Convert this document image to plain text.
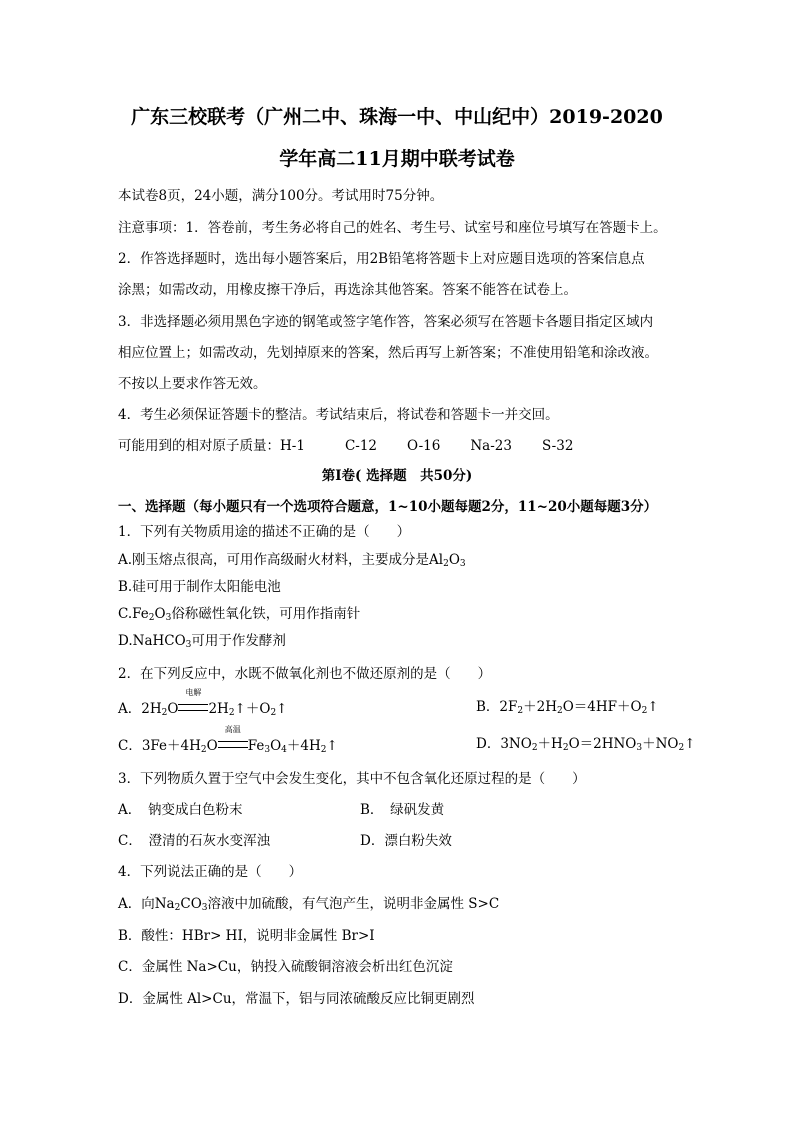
广东三校联考（广州二中、珠海一中、中山纪中）2019-2020
学年高二11月期中联考试卷
本试卷8页，24小题，满分100分。考试用时75分钟。
注意事项：1．答卷前，考生务必将自己的姓名、考生号、试室号和座位号填写在答题卡上。
2．作答选择题时，选出每小题答案后，用2B铅笔将答题卡上对应题目选项的答案信息点
涂黑；如需改动，用橡皮擦干净后，再选涂其他答案。答案不能答在试卷上。
3．非选择题必须用黑色字迹的钢笔或签字笔作答，答案必须写在答题卡各题目指定区域内
相应位置上；如需改动，先划掉原来的答案，然后再写上新答案；不准使用铅笔和涂改液。
不按以上要求作答无效。
4．考生必须保证答题卡的整洁。考试结束后，将试卷和答题卡一并交回。
可能用到的相对原子质量：H-1	C-12 O-16 Na-23 S-32
第Ⅰ卷( 选择题　共50分)
一、选择题（每小题只有一个选项符合题意，1~10小题每题2分，11~20小题每题3分）
1．下列有关物质用途的描述不正确的是（　　）
A.刚玉熔点很高，可用作高级耐火材料，主要成分是$Al_2O_3$
B.硅可用于制作太阳能电池
$C.Fe_2O_3$俗称磁性氧化铁，可用作指南针
D.NaHCO$_3$可用于作发酵剂
2．在下列反应中，水既不做氧化剂也不做还原剂的是（　　）
A．$2H_2O$
电解
$2H_2↑+O_2↑$	B．$2F_2+2H_2O=4HF+O_2↑$
C．$3Fe+4H_2O$
高温
$Fe_3O_4+4H_2↑$	D．$3NO_2+H_2O=2HNO_3+NO_2↑$
3．下列物质久置于空气中会发生变化，其中不包含氧化还原过程的是（　　）
A．　钠变成白色粉末	B．　绿矾发黄
C．　澄清的石灰水变浑浊	D．漂白粉失效
4．下列说法正确的是（　　）
A．向$Na_2CO_3$溶液中加硫酸，有气泡产生，说明非金属性 S>C
B．酸性：HBr> HI，说明非金属性 Br>I
C．金属性 Na>Cu，钠投入硫酸铜溶液会析出红色沉淀
D．金属性 Al>Cu，常温下，铝与同浓硫酸反应比铜更剧烈
